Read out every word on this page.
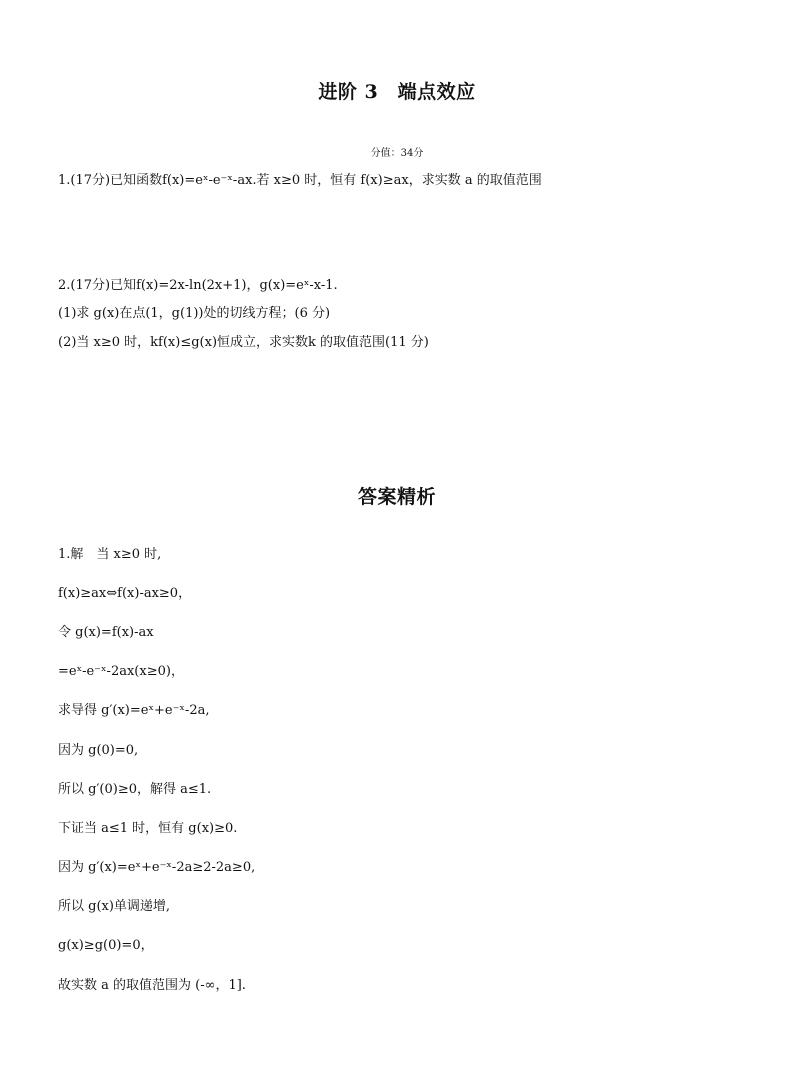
进阶 3　端点效应
分值：34分
1.(17分)已知函数f(x)=eˣ-e⁻ˣ-ax.若 x≥0 时，恒有 f(x)≥ax，求实数 a 的取值范围
2.(17分)已知f(x)=2x-ln(2x+1)，g(x)=eˣ-x-1.
(1)求 g(x)在点(1，g(1))处的切线方程；(6 分)
(2)当 x≥0 时，kf(x)≤g(x)恒成立，求实数k 的取值范围(11 分)
答案精析
1.解　当 x≥0 时,
f(x)≥ax⇔f(x)-ax≥0，
令 g(x)=f(x)-ax
=eˣ-e⁻ˣ-2ax(x≥0)，
求导得 g′(x)=eˣ+e⁻ˣ-2a,
因为 g(0)=0,
所以 g′(0)≥0，解得 a≤1.
下证当 a≤1 时，恒有 g(x)≥0.
因为 g′(x)=eˣ+e⁻ˣ-2a≥2-2a≥0,
所以 g(x)单调递增,
g(x)≥g(0)=0，
故实数 a 的取值范围为 (-∞，1].
